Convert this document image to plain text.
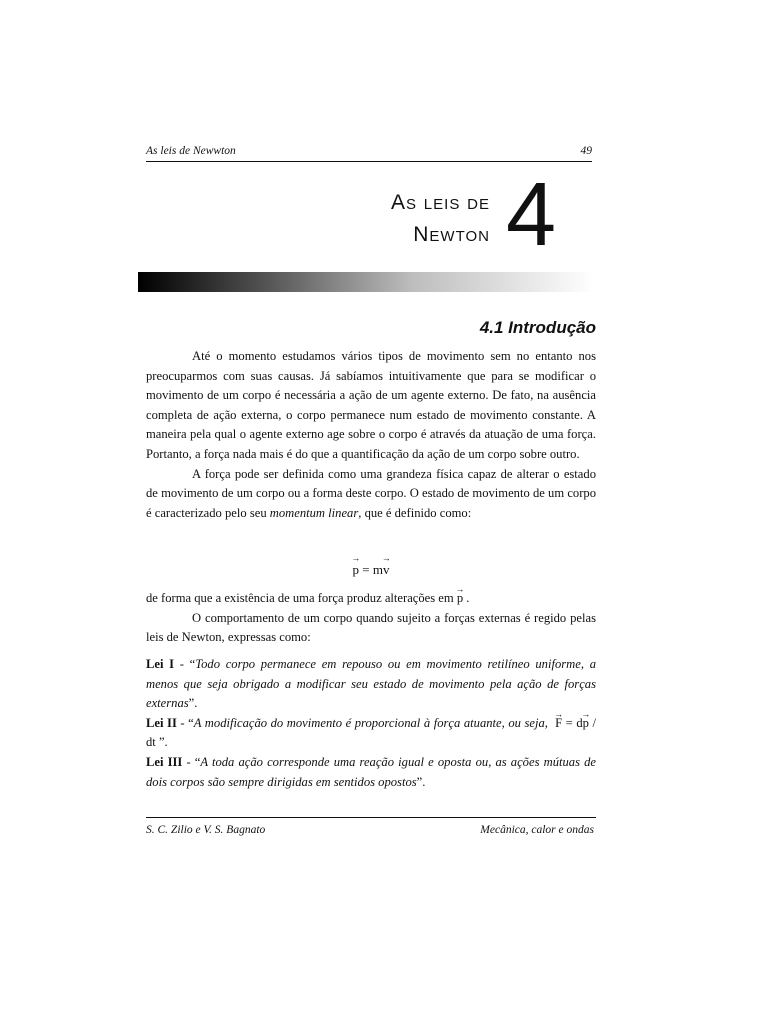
As leis de Newwton	49
As leis de
Newton 4
4.1 Introdução

Até o momento estudamos vários tipos de movimento sem no entanto nos preocuparmos com suas causas. Já sabíamos intuitivamente que para se modificar o movimento de um corpo é necessária a ação de um agente externo. De fato, na ausência completa de ação externa, o corpo permanece num estado de movimento constante. A maneira pela qual o agente externo age sobre o corpo é através da atuação de uma força. Portanto, a força nada mais é do que a quantificação da ação de um corpo sobre outro.

A força pode ser definida como uma grandeza física capaz de alterar o estado de movimento de um corpo ou a forma deste corpo. O estado de movimento de um corpo é caracterizado pelo seu momentum linear, que é definido como:

→ p = m→ v

de forma que a existência de uma força produz alterações em → p .

O comportamento de um corpo quando sujeito a forças externas é regido pelas leis de Newton, expressas como:

Lei I - “Todo corpo permanece em repouso ou em movimento retilíneo uniforme, a menos que seja obrigado a modificar seu estado de movimento pela ação de forças externas”.

Lei II - “A modificação do movimento é proporcional à força atuante, ou seja,  → F = d→ p / dt ”.

Lei III - “A toda ação corresponde uma reação igual e oposta ou, as ações mútuas de dois corpos são sempre dirigidas em sentidos opostos”.

S. C. Zilio e V. S. Bagnato	Mecânica, calor e ondas
